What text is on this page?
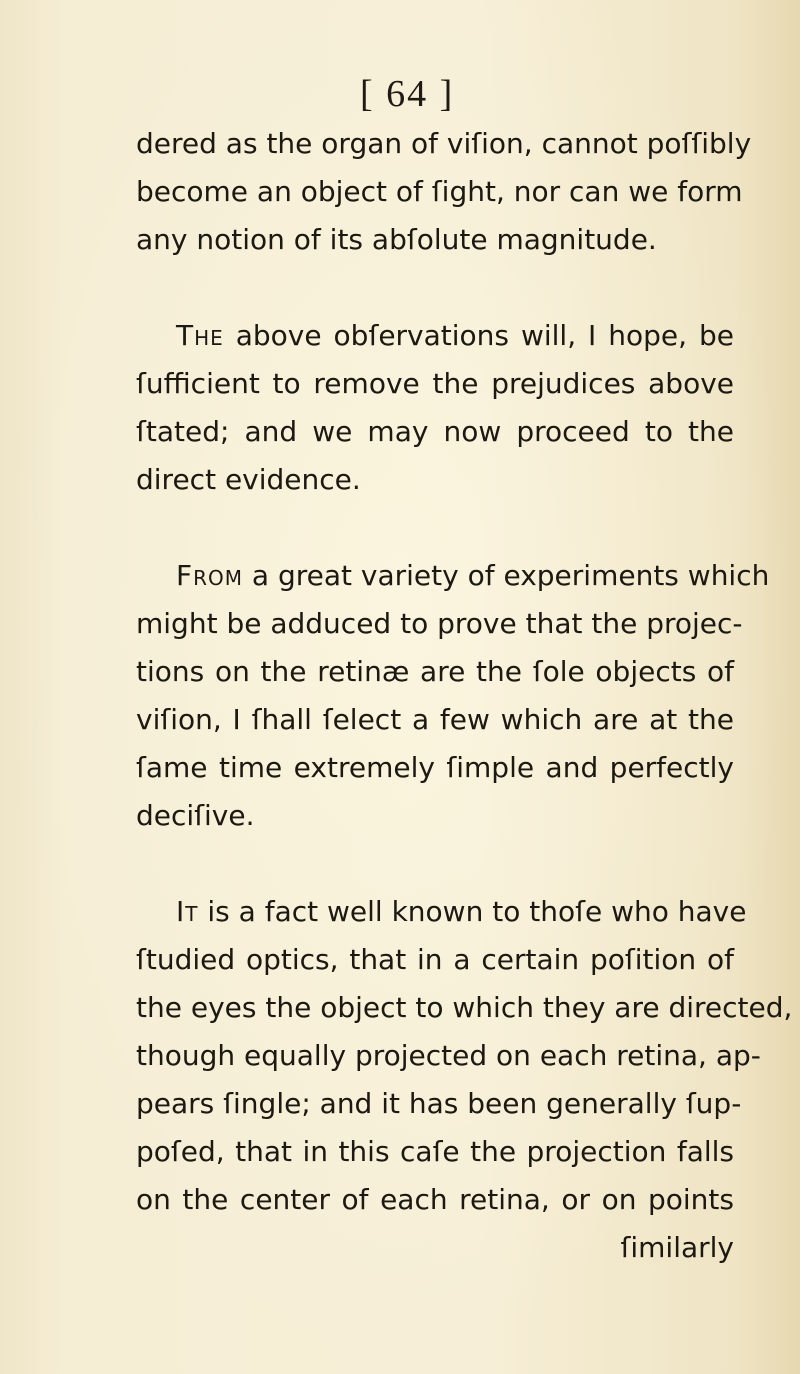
[ 64 ]
dered as the organ of viſion, cannot poſſibly
become an object of ſight, nor can we form
any notion of its abſolute magnitude.
The above obſervations will, I hope, be
ſufficient to remove the prejudices above
ſtated; and we may now proceed to the
direct evidence.
From a great variety of experiments which
might be adduced to prove that the projec-
tions on the retinæ are the ſole objects of
viſion, I ſhall ſelect a few which are at the
ſame time extremely ſimple and perfectly
deciſive.
It is a fact well known to thoſe who have
ſtudied optics, that in a certain poſition of
the eyes the object to which they are directed,
though equally projected on each retina, ap-
pears ſingle; and it has been generally ſup-
poſed, that in this caſe the projection falls
on the center of each retina, or on points
ſimilarly
